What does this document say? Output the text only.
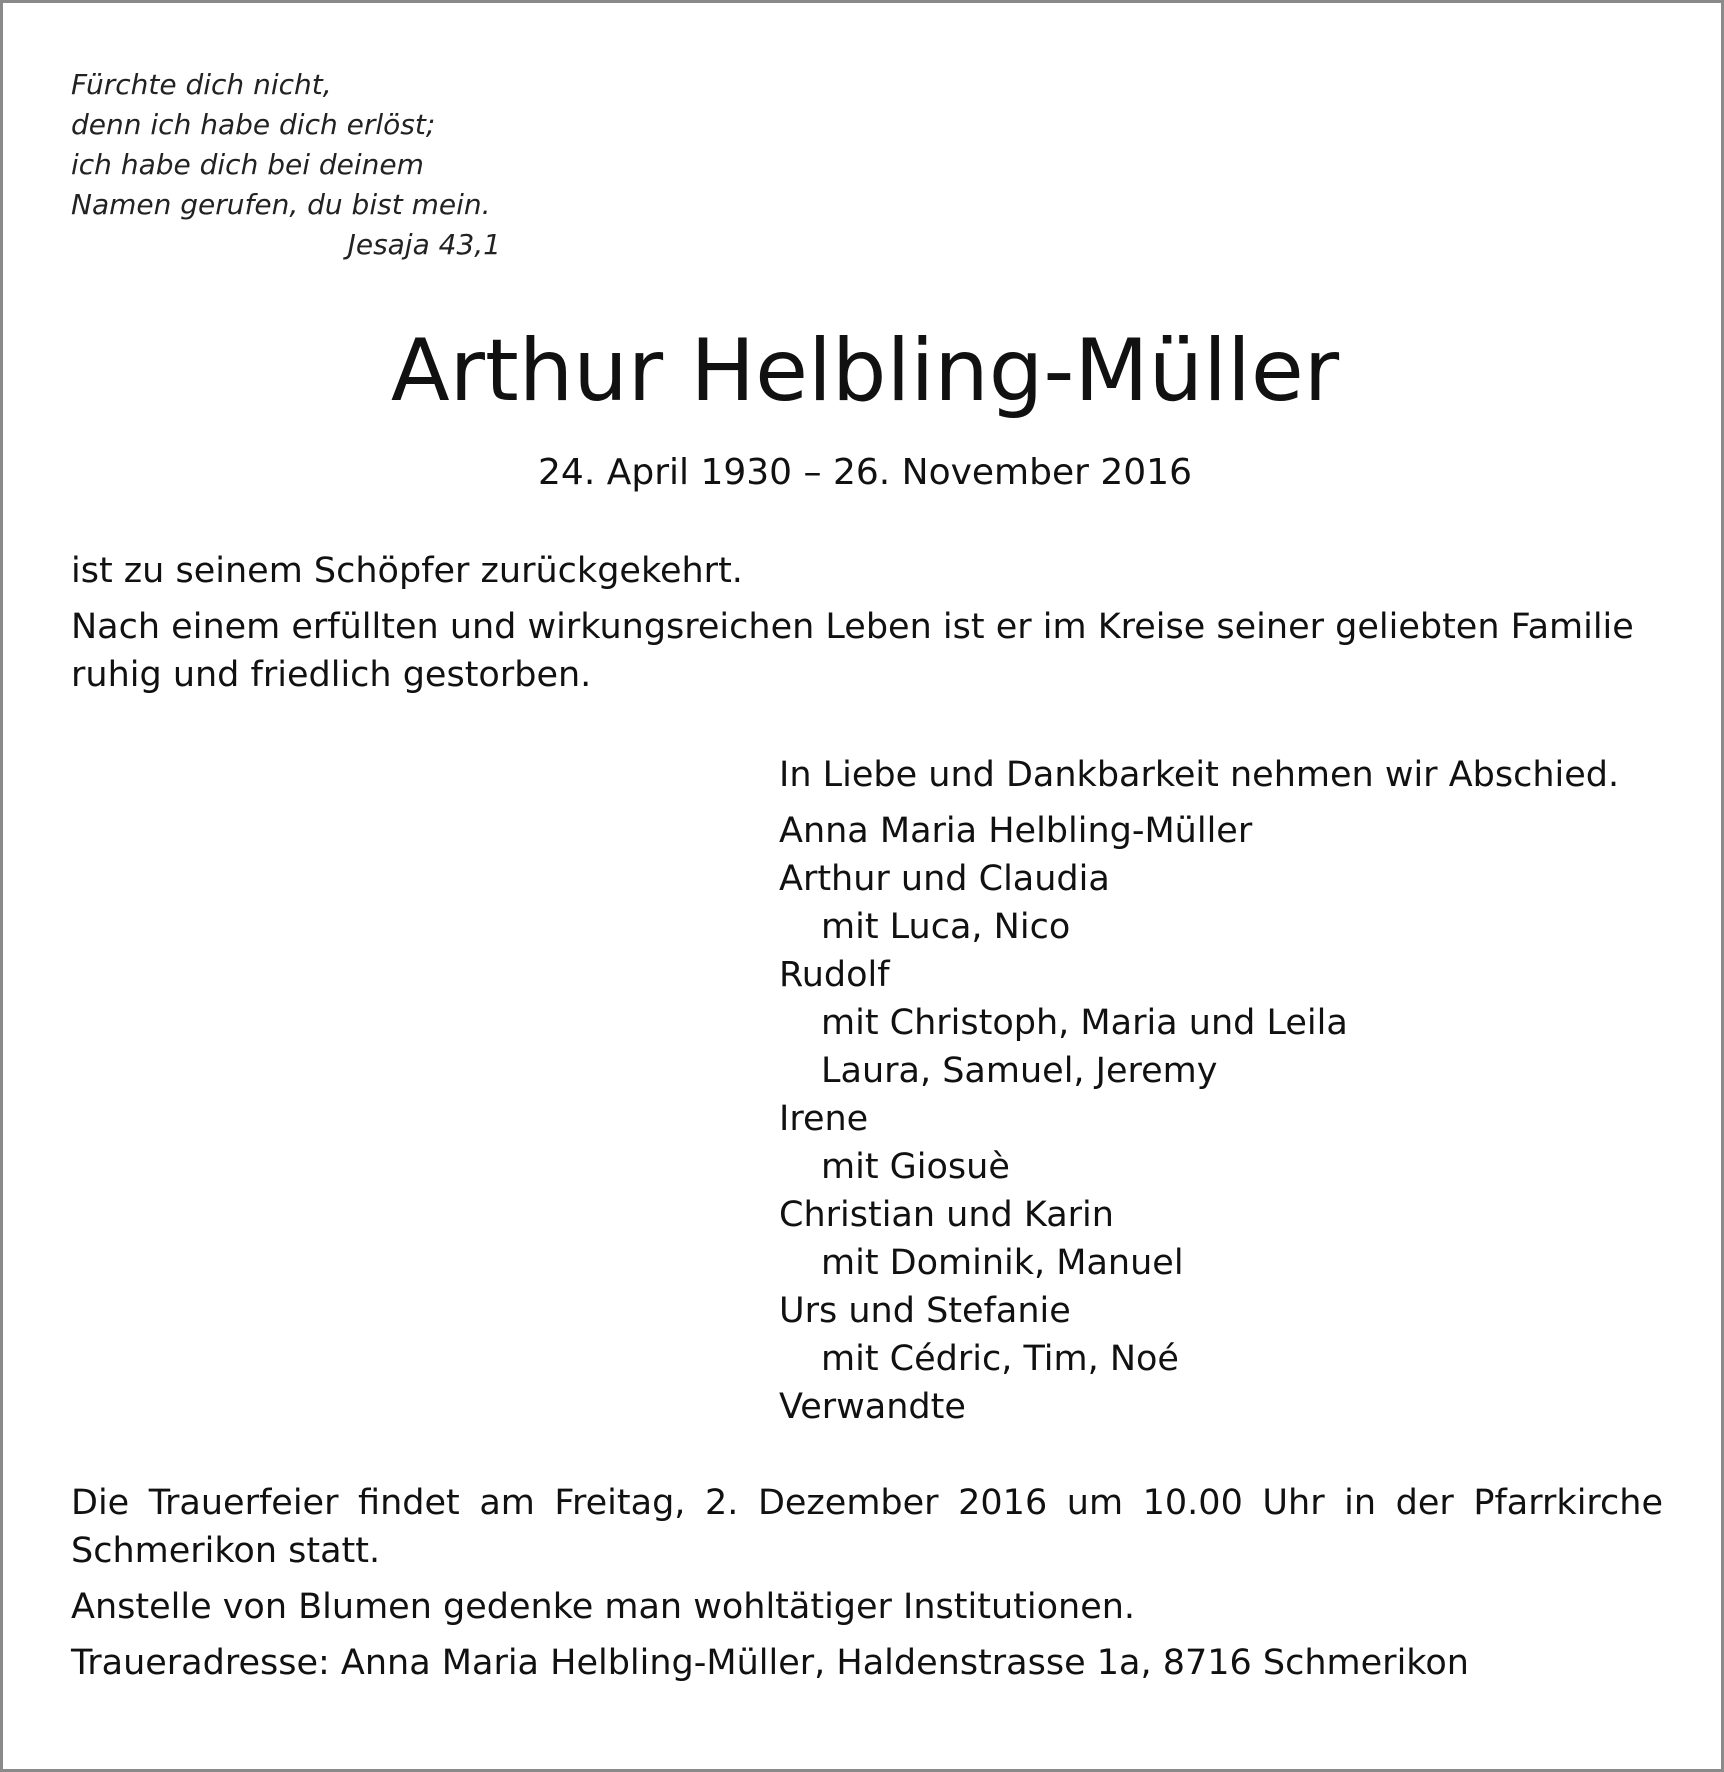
Fürchte dich nicht,
denn ich habe dich erlöst;
ich habe dich bei deinem
Namen gerufen, du bist mein.
Jesaja 43,1
Arthur Helbling-Müller
24. April 1930 – 26. November 2016

ist zu seinem Schöpfer zurückgekehrt.

Nach einem erfüllten und wirkungsreichen Leben ist er im Kreise seiner geliebten Familie ruhig und friedlich gestorben.

In Liebe und Dankbarkeit nehmen wir Abschied.
Anna Maria Helbling-Müller
Arthur und Claudia
mit Luca, Nico
Rudolf
mit Christoph, Maria und Leila
Laura, Samuel, Jeremy
Irene
mit Giosuè
Christian und Karin
mit Dominik, Manuel
Urs und Stefanie
mit Cédric, Tim, Noé
Verwandte

Die Trauerfeier findet am Freitag, 2. Dezember 2016 um 10.00 Uhr in der Pfarrkirche Schmerikon statt.

Anstelle von Blumen gedenke man wohltätiger Institutionen.

Traueradresse: Anna Maria Helbling-Müller, Haldenstrasse 1a, 8716 Schmerikon
